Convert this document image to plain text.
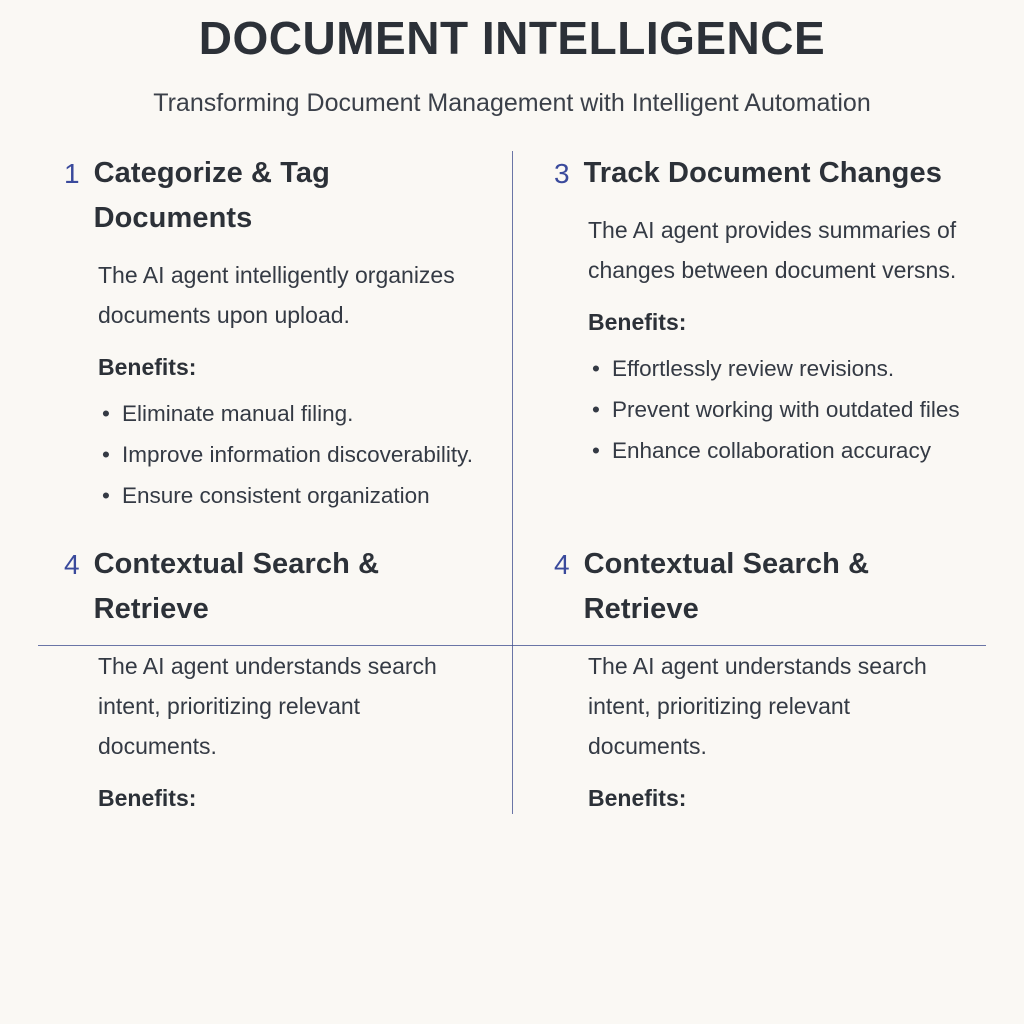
DOCUMENT INTELLIGENCE

Transforming Document Management with Intelligent Automation

1 Categorize & Tag Documents
The AI agent intelligently organizes documents upon upload.
Benefits:
• Eliminate manual filing.
• Improve information discoverability.
• Ensure consistent organization
3 Track Document Changes
The AI agent provides summaries of changes between document versns.
Benefits:
• Effortlessly review revisions.
• Prevent working with outdated files
• Enhance collaboration accuracy
4 Contextual Search & Retrieve
The AI agent understands search intent, prioritizing relevant documents.
Benefits:
4 Contextual Search & Retrieve
The AI agent understands search intent, prioritizing relevant documents.
Benefits:
